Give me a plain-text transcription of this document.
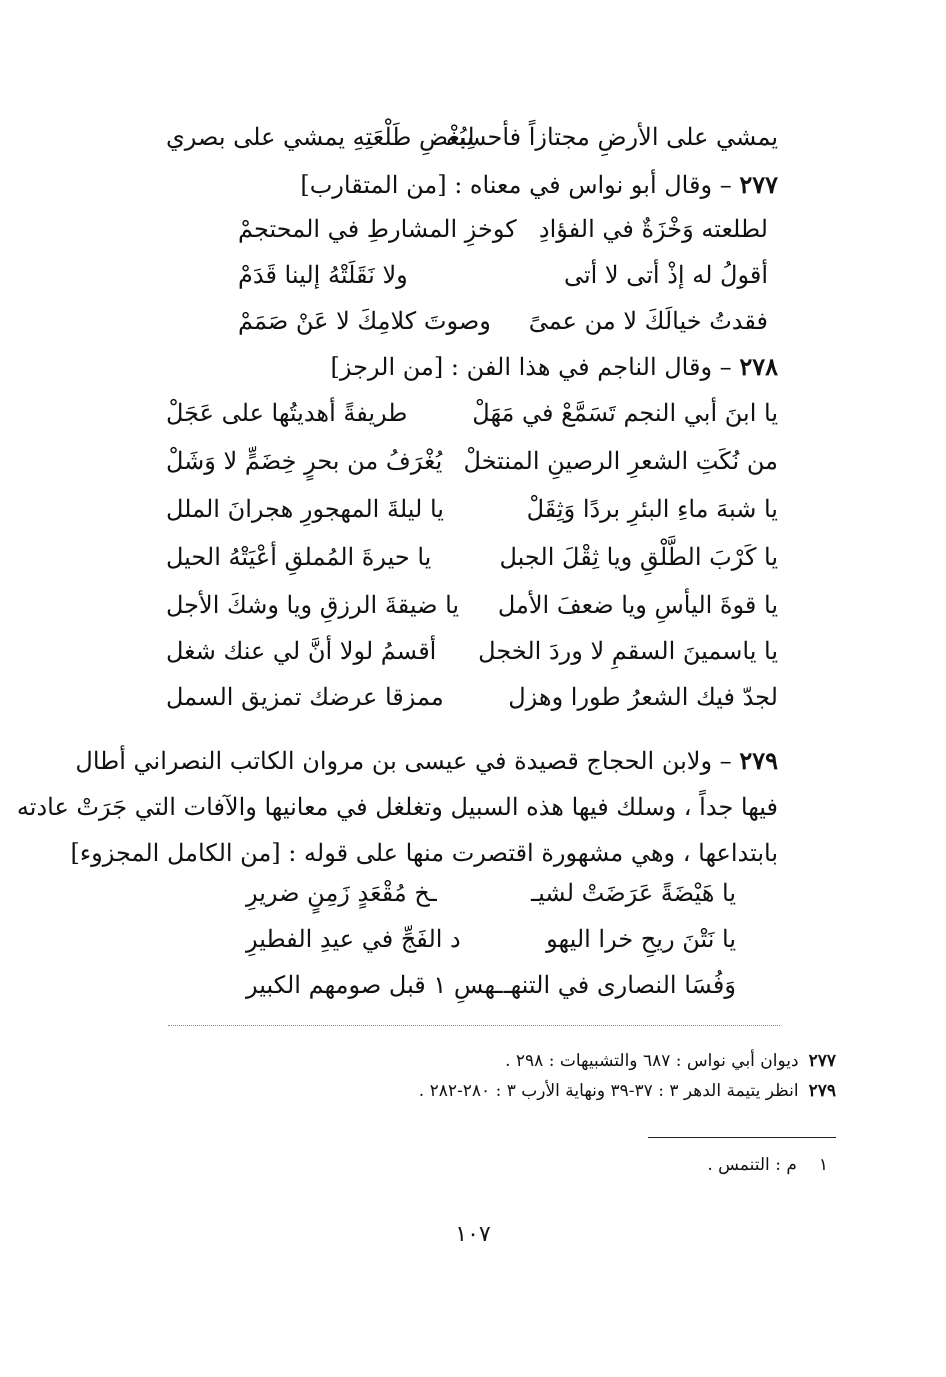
يمشي على الأرضِ مجتازاً فأحسبه
لِبُغْضِ طَلْعَتِهِ يمشي على بصري
٢٧٧ – وقال أبو نواس في معناه : [من المتقارب]
لطلعته وَخْزَةٌ في الفؤادِ
كوخزِ المشارطِ في المحتجمْ
أقولُ له إذْ أتى لا أتى
ولا نَقَلَتْهُ إلينا قَدَمْ
فقدتُ خيالَكَ لا من عمىً
وصوتَ كلامِكَ لا عَنْ صَمَمْ
٢٧٨ – وقال الناجم في هذا الفن : [من الرجز]
يا ابنَ أبي النجم تَسَمَّعْ في مَهَلْ
طريفةً أهديتُها على عَجَلْ
من نُكَتِ الشعرِ الرصينِ المنتخلْ
يُغْرَفُ من بحرٍ خِضَمٍّ لا وَشَلْ
يا شبهَ ماءِ البئرِ بردًا وَثِقَلْ
يا ليلةَ المهجورِ هجرانَ الملل
يا كَرْبَ الطَّلْقِ ويا ثِقْلَ الجبل
يا حيرةَ المُملقِ أعْيَتْهُ الحيل
يا قوةَ اليأسِ ويا ضعفَ الأمل
يا ضيقةَ الرزقِ ويا وشكَ الأجل
يا ياسمينَ السقمِ لا وردَ الخجل
أقسمُ لولا أنَّ لي عنك شغل
لجدّ فيك الشعرُ طورا وهزل
ممزقا عرضك تمزيق السمل
٢٧٩ – ولابن الحجاج قصيدة في عيسى بن مروان الكاتب النصراني أطال
فيها جداً ، وسلك فيها هذه السبيل وتغلغل في معانيها والآفات التي جَرَتْ عادته
بابتداعها ، وهي مشهورة اقتصرت منها على قوله : [من الكامل المجزوء]
يا هَيْضَةً عَرَضَتْ لشيـ
ـخ مُقْعَدٍ زَمِنٍ ضريرِ
يا نَتْنَ ريحِ خرا اليهو
د الفَجِّ في عيدِ الفطيرِ
وَفُسَا النصارى في التنهـ
ـهسِ ١ قبل صومهم الكبير
٢٧٧ديوان أبي نواس : ٦٨٧ والتشبيهات : ٢٩٨ .
٢٧٩انظر يتيمة الدهر ٣ : ٣٧-٣٩ ونهاية الأرب ٣ : ٢٨٠-٢٨٢ .
١م : التنمس .
١٠٧
